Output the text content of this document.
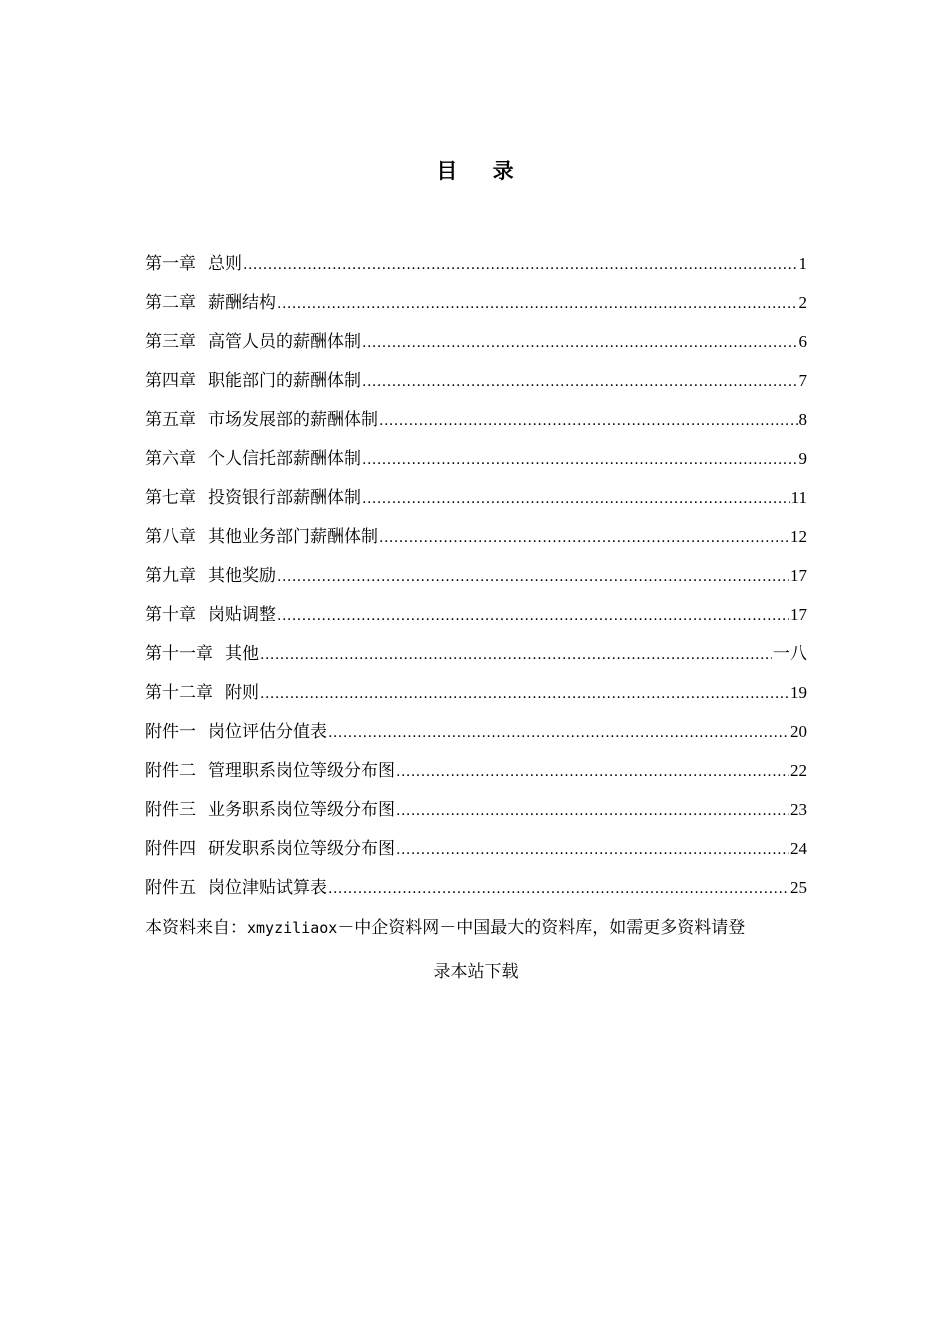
目 录
第一章 总则 .....	1
第二章 薪酬结构 .....	2
第三章 高管人员的薪酬体制 .....	6
第四章 职能部门的薪酬体制 .....	7
第五章 市场发展部的薪酬体制 .....	8
第六章 个人信托部薪酬体制 .....	9
第七章 投资银行部薪酬体制 .....	11
第八章 其他业务部门薪酬体制 .....	12
第九章 其他奖励 .....	17
第十章 岗贴调整 .....	17
第十一章 其他 .....	一八
第十二章 附则 .....	19
附件一 岗位评估分值表 .....	20
附件二 管理职系岗位等级分布图 .....	22
附件三 业务职系岗位等级分布图 .....	23
附件四 研发职系岗位等级分布图 .....	24
附件五 岗位津贴试算表 .....	25
本资料来自：xmyziliaox－中企资料网－中国最大的资料库，如需更多资料请登
录本站下载
